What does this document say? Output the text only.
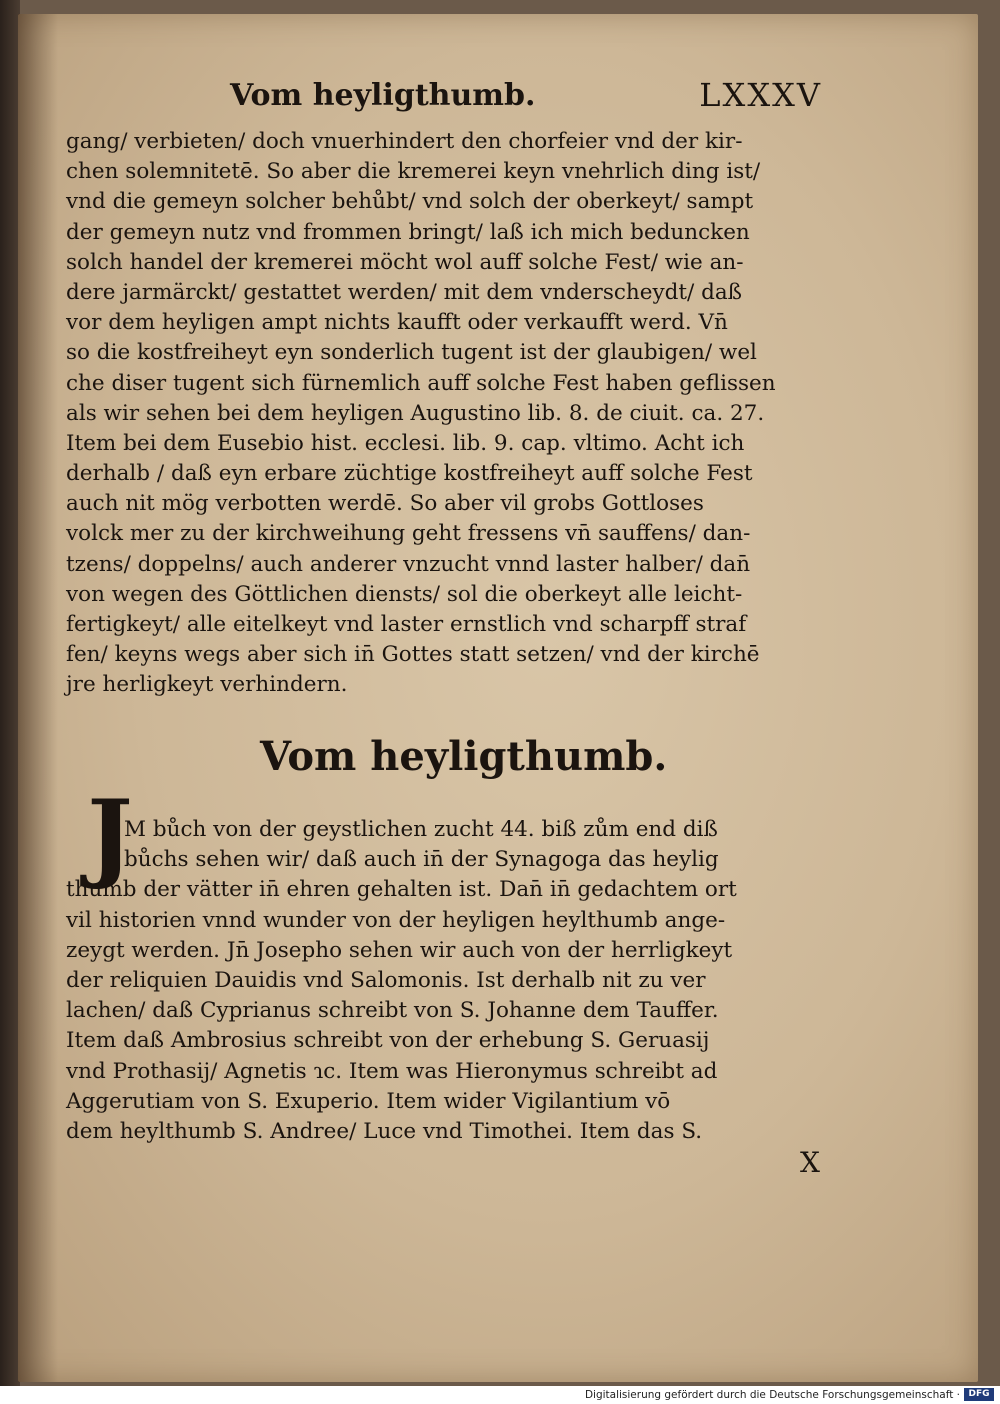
Vom heyligthumb.	LXXXV
gang/ verbieten/ doch vnuerhindert den chorfeier vnd der kir-
chen solemnitetē. So aber die kremerei keyn vnehrlich ding ist/
vnd die gemeyn solcher behůbt/ vnd solch der oberkeyt/ sampt
der gemeyn nutz vnd frommen bringt/ laß ich mich beduncken
solch handel der kremerei möcht wol auff solche Fest/ wie an-
dere jarmärckt/ gestattet werden/ mit dem vnderscheydt/ daß
vor dem heyligen ampt nichts kaufft oder verkaufft werd. Vn̄
so die kostfreiheyt eyn sonderlich tugent ist der glaubigen/ wel
che diser tugent sich fürnemlich auff solche Fest haben geflissen
als wir sehen bei dem heyligen Augustino lib. 8. de ciuit. ca. 27.
Item bei dem Eusebio hist. ecclesi. lib. 9. cap. vltimo. Acht ich
derhalb / daß eyn erbare züchtige kostfreiheyt auff solche Fest
auch nit mög verbotten werdē. So aber vil grobs Gottloses
volck mer zu der kirchweihung geht fressens vn̄ sauffens/ dan-
tzens/ doppelns/ auch anderer vnzucht vnnd laster halber/ dan̄
von wegen des Göttlichen diensts/ sol die oberkeyt alle leicht-
fertigkeyt/ alle eitelkeyt vnd laster ernstlich vnd scharpff straf
fen/ keyns wegs aber sich in̄ Gottes statt setzen/ vnd der kirchē
jre herligkeyt verhindern.
Vom heyligthumb.
J
M bůch von der geystlichen zucht 44. biß zům end diß
bůchs sehen wir/ daß auch in̄ der Synagoga das heylig
thumb der vätter in̄ ehren gehalten ist. Dan̄ in̄ gedachtem ort
vil historien vnnd wunder von der heyligen heylthumb ange-
zeygt werden. Jn̄ Josepho sehen wir auch von der herrligkeyt
der reliquien Dauidis vnd Salomonis. Ist derhalb nit zu ver
lachen/ daß Cyprianus schreibt von S. Johanne dem Tauffer.
Item daß Ambrosius schreibt von der erhebung S. Geruasij
vnd Prothasij/ Agnetis ɿc. Item was Hieronymus schreibt ad
Aggerutiam von S. Exuperio. Item wider Vigilantium vō
dem heylthumb S. Andree/ Luce vnd Timothei. Item das S.
X
Digitalisierung gefördert durch die Deutsche Forschungsgemeinschaft · DFG
